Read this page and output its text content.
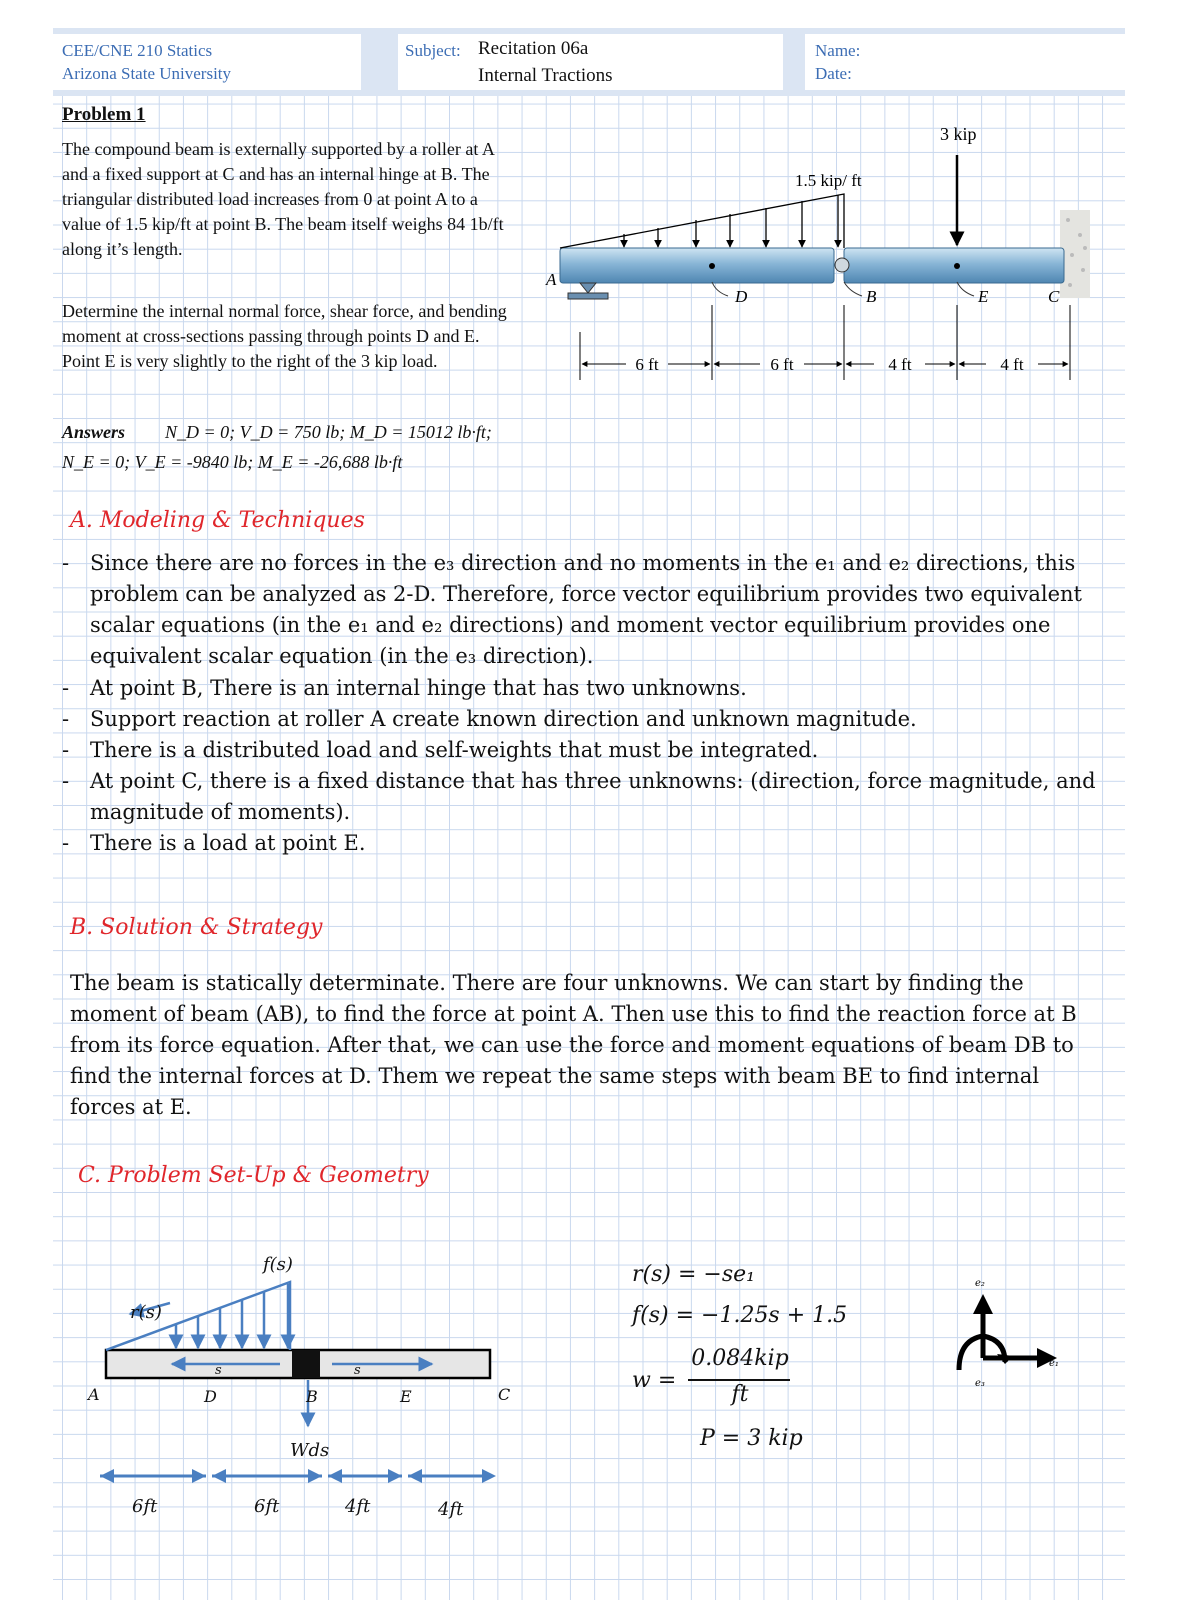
CEE/CNE 210 Statics
Arizona State University
Subject: Recitation 06a
Internal Tractions
Name:
Date:
Problem 1
The compound beam is externally supported by a roller at A and a fixed support at C and has an internal hinge at B. The triangular distributed load increases from 0 at point A to a value of 1.5 kip/ft at point B. The beam itself weighs 84 1b/ft along it’s length.
Determine the internal normal force, shear force, and bending moment at cross-sections passing through points D and E. Point E is very slightly to the right of the 3 kip load.
Answers N_D = 0; V_D = 750 lb; M_D = 15012 lb·ft;
N_E = 0; V_E = -9840 lb; M_E = -26,688 lb·ft
3 kip
1.5 kip/ ft
A
D	B	E	C
6 ft	6 ft	4 ft	4 ft
A. Modeling & Techniques
- Since there are no forces in the e₃ direction and no moments in the e₁ and e₂ directions, this problem can be analyzed as 2-D. Therefore, force vector equilibrium provides two equivalent scalar equations (in the e₁ and e₂ directions) and moment vector equilibrium provides one equivalent scalar equation (in the e₃ direction).
- At point B, There is an internal hinge that has two unknowns.
- Support reaction at roller A create known direction and unknown magnitude.
- There is a distributed load and self-weights that must be integrated.
- At point C, there is a fixed distance that has three unknowns: (direction, force magnitude, and magnitude of moments).
- There is a load at point E.
B. Solution & Strategy
The beam is statically determinate. There are four unknowns. We can start by finding the moment of beam (AB), to find the force at point A. Then use this to find the reaction force at B from its force equation. After that, we can use the force and moment equations of beam DB to find the internal forces at D. Them we repeat the same steps with beam BE to find internal forces at E.
C. Problem Set-Up & Geometry
f(s)
r(s)
s	s
A	D	B	E	C
Wds
6ft	6ft	4ft	4ft
r(s) = −se₁
f(s) = −1.25s + 1.5
w =
0.084kip
ft
P = 3 kip
e₂
e₁
e₃
